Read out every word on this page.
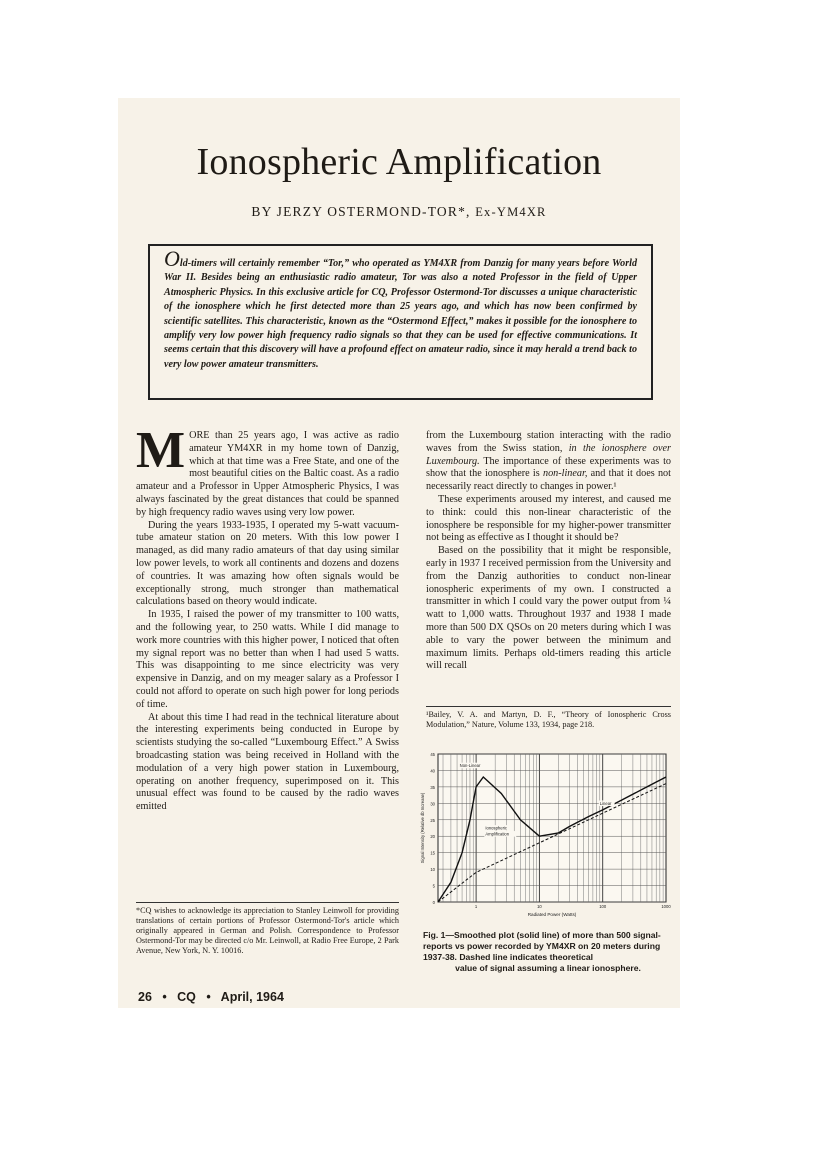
Ionospheric Amplification
BY JERZY OSTERMOND-TOR*, Ex-YM4XR
Old-timers will certainly remember “Tor,” who operated as YM4XR from Danzig for many years before World War II. Besides being an enthusiastic radio amateur, Tor was also a noted Professor in the field of Upper Atmospheric Physics. In this exclusive article for CQ, Professor Ostermond-Tor discusses a unique characteristic of the ionosphere which he first detected more than 25 years ago, and which has now been confirmed by scientific satellites. This characteristic, known as the “Ostermond Effect,” makes it possible for the ionosphere to amplify very low power high frequency radio signals so that they can be used for effective communications. It seems certain that this discovery will have a profound effect on amateur radio, since it may herald a trend back to very low power amateur transmitters.

MORE than 25 years ago, I was active as radio amateur YM4XR in my home town of Danzig, which at that time was a Free State, and one of the most beautiful cities on the Baltic coast. As a radio amateur and a Professor in Upper Atmospheric Physics, I was always fascinated by the great distances that could be spanned by high frequency radio waves using very low power.

During the years 1933-1935, I operated my 5-watt vacuum-tube amateur station on 20 meters. With this low power I managed, as did many radio amateurs of that day using similar low power levels, to work all continents and dozens and dozens of countries. It was amazing how often signals would be exceptionally strong, much stronger than mathematical calculations based on theory would indicate.

In 1935, I raised the power of my transmitter to 100 watts, and the following year, to 250 watts. While I did manage to work more countries with this higher power, I noticed that often my signal report was no better than when I had used 5 watts. This was disappointing to me since electricity was very expensive in Danzig, and on my meager salary as a Professor I could not afford to operate on such high power for long periods of time.

At about this time I had read in the technical literature about the interesting experiments being conducted in Europe by scientists studying the so-called “Luxembourg Effect.” A Swiss broadcasting station was being received in Holland with the modulation of a very high power station in Luxembourg, operating on another frequency, superimposed on it. This unusual effect was found to be caused by the radio waves emitted

*CQ wishes to acknowledge its appreciation to Stanley Leinwoll for providing translations of certain portions of Professor Ostermond-Tor's article which originally appeared in German and Polish. Correspondence to Professor Ostermond-Tor may be directed c/o Mr. Leinwoll, at Radio Free Europe, 2 Park Avenue, New York, N. Y. 10016.

from the Luxembourg station interacting with the radio waves from the Swiss station, in the ionosphere over Luxembourg. The importance of these experiments was to show that the ionosphere is non-linear, and that it does not necessarily react directly to changes in power.¹

These experiments aroused my interest, and caused me to think: could this non-linear characteristic of the ionosphere be responsible for my higher-power transmitter not being as effective as I thought it should be?

Based on the possibility that it might be responsible, early in 1937 I received permission from the University and from the Danzig authorities to conduct non-linear ionospheric experiments of my own. I constructed a transmitter in which I could vary the power output from ¼ watt to 1,000 watts. Throughout 1937 and 1938 I made more than 500 DX QSOs on 20 meters during which I was able to vary the power between the minimum and maximum limits. Perhaps old-timers reading this article will recall

¹Bailey, V. A. and Martyn, D. F., “Theory of Ionospheric Cross Modulation,” Nature, Volume 133, 1934, page 218.
45
40
35
30
25
20
15
10
5
0
1	10	100	1000
Radiated Power (Watts)
Signal Intensity (Relative db Increase)
Non-Linear
Linear
Ionospheric
Amplification
Fig. 1—Smoothed plot (solid line) of more than 500 signal-reports vs power recorded by YM4XR on 20 meters during 1937-38. Dashed line indicates theoretical
value of signal assuming a linear ionosphere.
26 • CQ • April, 1964
